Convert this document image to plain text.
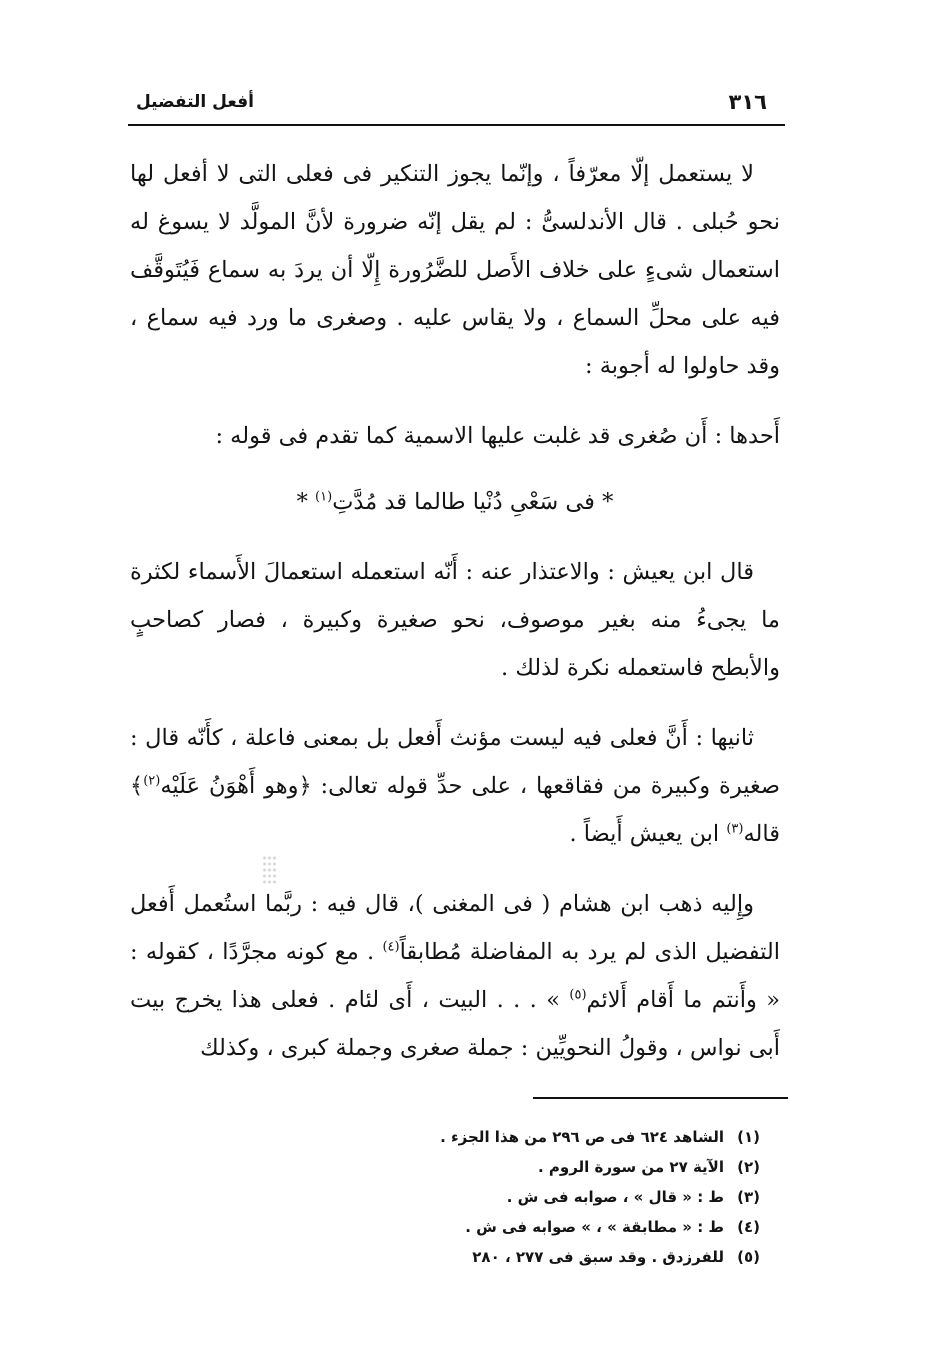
٣١٦
أفعل التفضيل

لا يستعمل إلّا معرّفاً ، وإنّما يجوز التنكير فى فعلى التى لا أفعل لها نحو حُبلى . قال الأندلسىُّ : لم يقل إنّه ضرورة لأنَّ المولَّد لا يسوغ له استعمال شىءٍ على خلاف الأَصل للضَّرُورة إِلّا أن يردَ به سماع فَيُتَوقَّف فيه على محلِّ السماع ، ولا يقاس عليه . وصغرى ما ورد فيه سماع ، وقد حاولوا له أجوبة :

أَحدها : أَن صُغرى قد غلبت عليها الاسمية كما تقدم فى قوله :

* فى سَعْىِ دُنْيا طالما قد مُدَّتِ$^{(١)}$ *

قال ابن يعيش : والاعتذار عنه : أَنّه استعمله استعمالَ الأَسماء لكثرة ما يجىءُ منه بغير موصوف، نحو صغيرة وكبيرة ، فصار كصاحبٍ والأبطح فاستعمله نكرة لذلك .

ثانيها : أَنَّ فعلى فيه ليست مؤنث أَفعل بل بمعنى فاعلة ، كأَنّه قال : صغيرة وكبيرة من فقاقعها ، على حدِّ قوله تعالى: ﴿وهو أَهْوَنُ عَلَيْه$^{(٢)}$﴾ قاله$^{(٣)}$ ابن يعيش أَيضاً .

وإِليه ذهب ابن هشام ( فى المغنى )، قال فيه : ربَّما استُعمل أَفعل التفضيل الذى لم يرد به المفاضلة مُطابقاً$^{(٤)}$ . مع كونه مجرَّدًا ، كقوله : « وأَنتم ما أَقام أَلائم$^{(٥)}$ » . . . البيت ، أَى لئام . فعلى هذا يخرج بيت أَبى نواس ، وقولُ النحويِّين : جملة صغرى وجملة كبرى ، وكذلك

(١)
الشاهد ٦٢٤ فى ص ٢٩٦ من هذا الجزء .
(٢)
الآية ٢٧ من سورة الروم .
(٣)
ط : « قال » ، صوابه فى ش .
(٤)
ط : « مطابقة » ، » صوابه فى ش .
(٥)
للفرزدق . وقد سبق فى ٢٧٧ ، ٢٨٠
